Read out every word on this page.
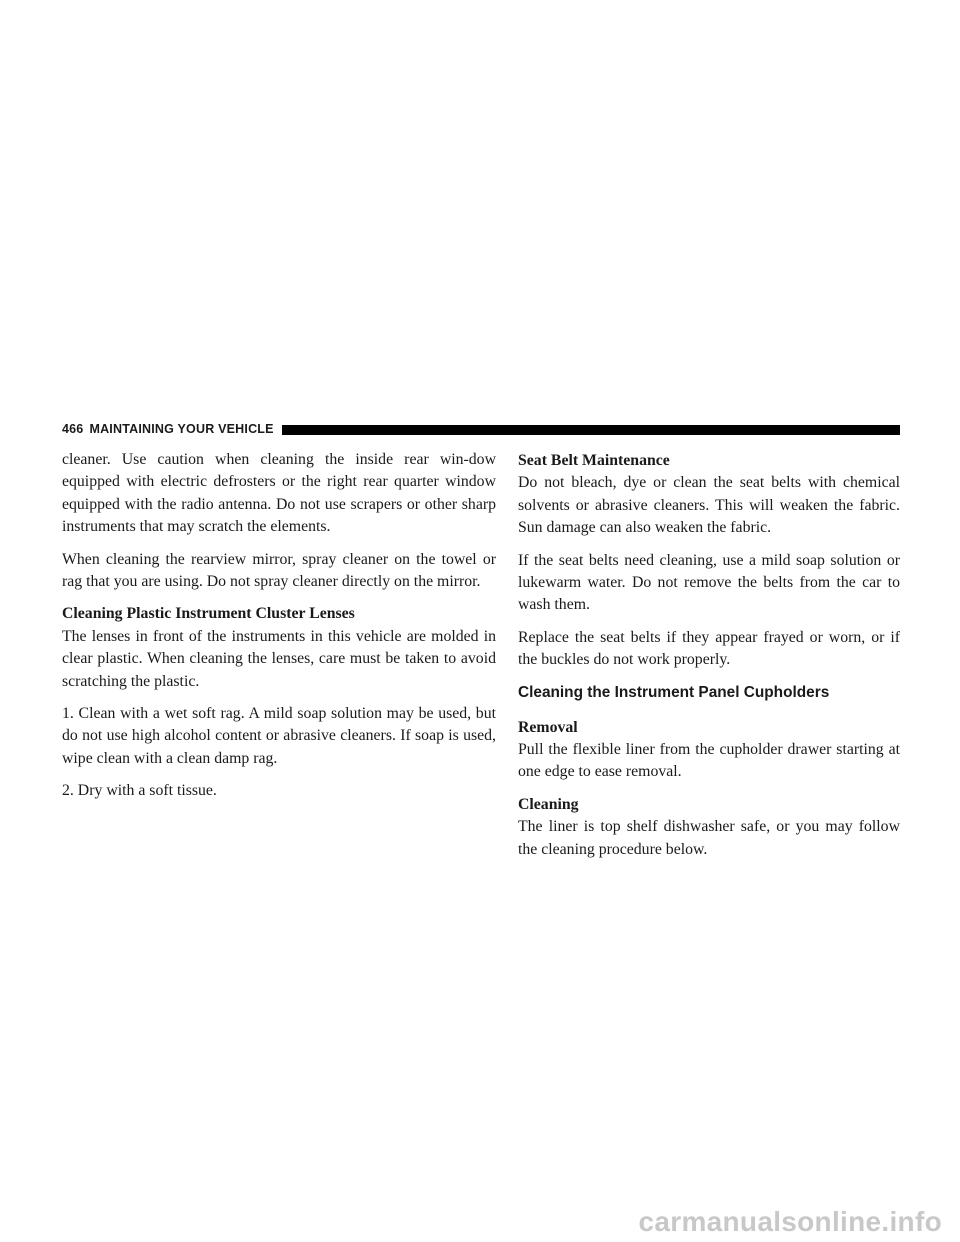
466 MAINTAINING YOUR VEHICLE

cleaner. Use caution when cleaning the inside rear win-dow equipped with electric defrosters or the right rear quarter window equipped with the radio antenna. Do not use scrapers or other sharp instruments that may scratch the elements.

When cleaning the rearview mirror, spray cleaner on the towel or rag that you are using. Do not spray cleaner directly on the mirror.

Cleaning Plastic Instrument Cluster Lenses

The lenses in front of the instruments in this vehicle are molded in clear plastic. When cleaning the lenses, care must be taken to avoid scratching the plastic.

1. Clean with a wet soft rag. A mild soap solution may be used, but do not use high alcohol content or abrasive cleaners. If soap is used, wipe clean with a clean damp rag.

2. Dry with a soft tissue.

Seat Belt Maintenance

Do not bleach, dye or clean the seat belts with chemical solvents or abrasive cleaners. This will weaken the fabric. Sun damage can also weaken the fabric.

If the seat belts need cleaning, use a mild soap solution or lukewarm water. Do not remove the belts from the car to wash them.

Replace the seat belts if they appear frayed or worn, or if the buckles do not work properly.

Cleaning the Instrument Panel Cupholders

Removal

Pull the flexible liner from the cupholder drawer starting at one edge to ease removal.

Cleaning

The liner is top shelf dishwasher safe, or you may follow the cleaning procedure below.

carmanualsonline.info
